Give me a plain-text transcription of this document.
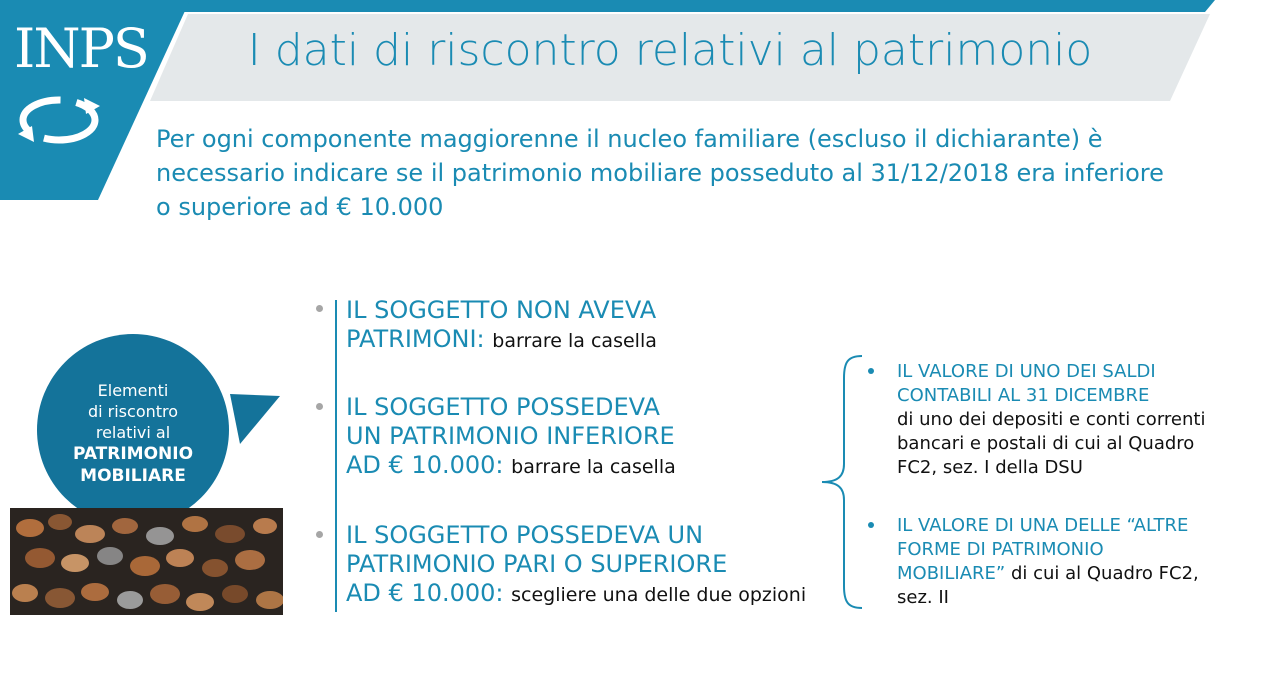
INPS	I dati di riscontro relativi al patrimonio
Per ogni componente maggiorenne il nucleo familiare (escluso il dichiarante) è necessario indicare se il patrimonio mobiliare posseduto al 31/12/2018 era inferiore o superiore ad € 10.000
Elementi
di riscontro
relativi al
PATRIMONIO
MOBILIARE
IL SOGGETTO NON AVEVA
PATRIMONI: barrare la casella
IL SOGGETTO POSSEDEVA
UN PATRIMONIO INFERIORE
AD € 10.000: barrare la casella
IL SOGGETTO POSSEDEVA UN
PATRIMONIO PARI O SUPERIORE
AD € 10.000: scegliere una delle due opzioni
IL VALORE DI UNO DEI SALDI
CONTABILI AL 31 DICEMBRE
di uno dei depositi e conti correnti
bancari e postali di cui al Quadro
FC2, sez. I della DSU
IL VALORE DI UNA DELLE “ALTRE
FORME DI PATRIMONIO
MOBILIARE” di cui al Quadro FC2,
sez. II
